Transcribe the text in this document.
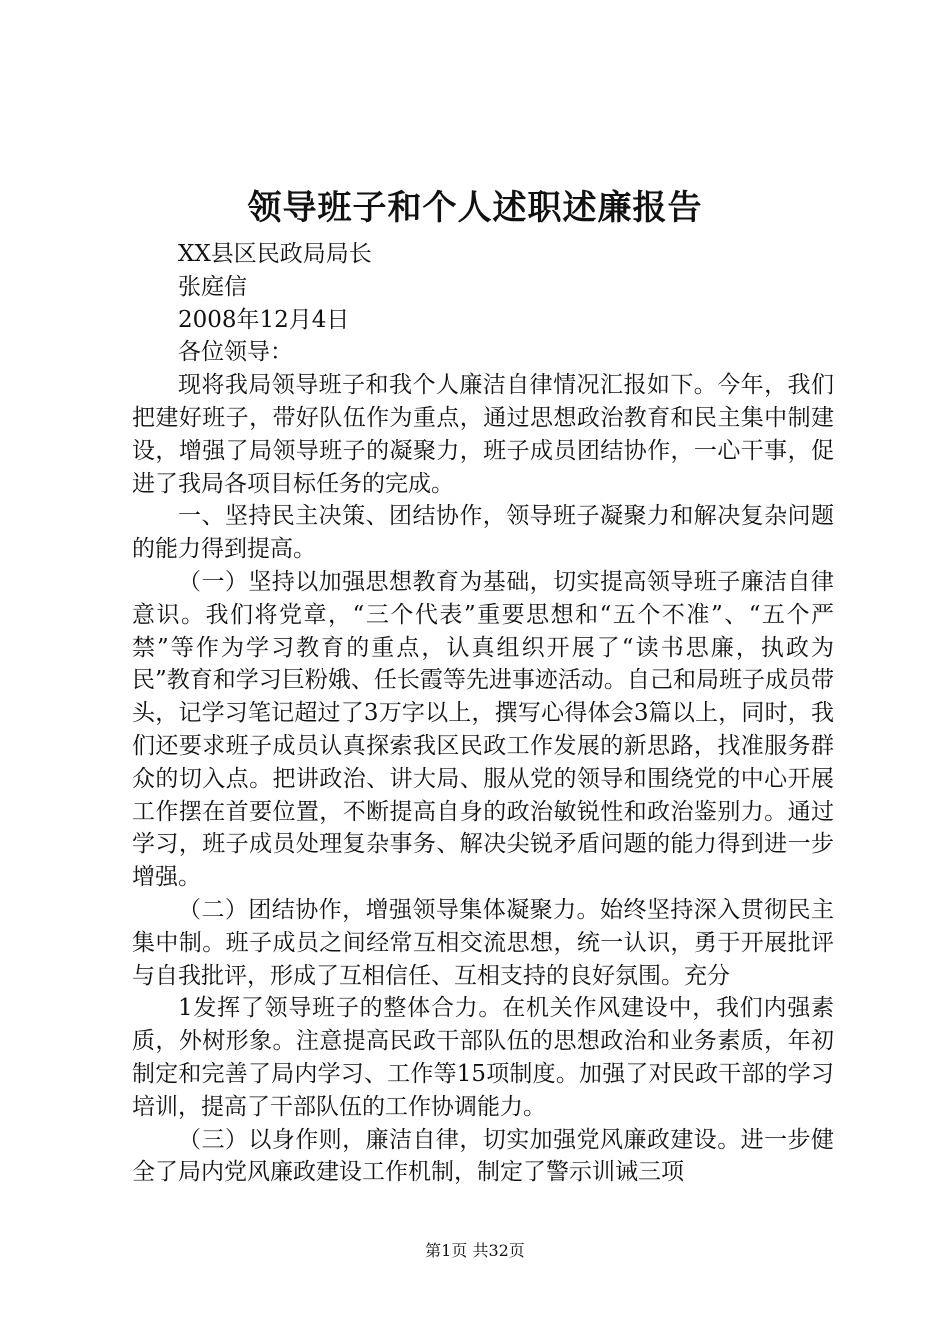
领导班子和个人述职述廉报告

XX县区民政局局长

张庭信

2008年12月4日

各位领导：

现将我局领导班子和我个人廉洁自律情况汇报如下。今年，我们把建好班子，带好队伍作为重点，通过思想政治教育和民主集中制建设，增强了局领导班子的凝聚力，班子成员团结协作，一心干事，促进了我局各项目标任务的完成。

一、坚持民主决策、团结协作，领导班子凝聚力和解决复杂问题的能力得到提高。

（一）坚持以加强思想教育为基础，切实提高领导班子廉洁自律意识。我们将党章，“三个代表”重要思想和“五个不准”、“五个严禁”等作为学习教育的重点，认真组织开展了“读书思廉，执政为民”教育和学习巨粉娥、任长霞等先进事迹活动。自己和局班子成员带头，记学习笔记超过了3万字以上，撰写心得体会3篇以上，同时，我们还要求班子成员认真探索我区民政工作发展的新思路，找准服务群众的切入点。把讲政治、讲大局、服从党的领导和围绕党的中心开展工作摆在首要位置，不断提高自身的政治敏锐性和政治鉴别力。通过学习，班子成员处理复杂事务、解决尖锐矛盾问题的能力得到进一步增强。

（二）团结协作，增强领导集体凝聚力。始终坚持深入贯彻民主集中制。班子成员之间经常互相交流思想，统一认识，勇于开展批评与自我批评，形成了互相信任、互相支持的良好氛围。充分

1发挥了领导班子的整体合力。在机关作风建设中，我们内强素质，外树形象。注意提高民政干部队伍的思想政治和业务素质，年初制定和完善了局内学习、工作等15项制度。加强了对民政干部的学习培训，提高了干部队伍的工作协调能力。

（三）以身作则，廉洁自律，切实加强党风廉政建设。进一步健全了局内党风廉政建设工作机制，制定了警示训诫三项

第1页 共32页
